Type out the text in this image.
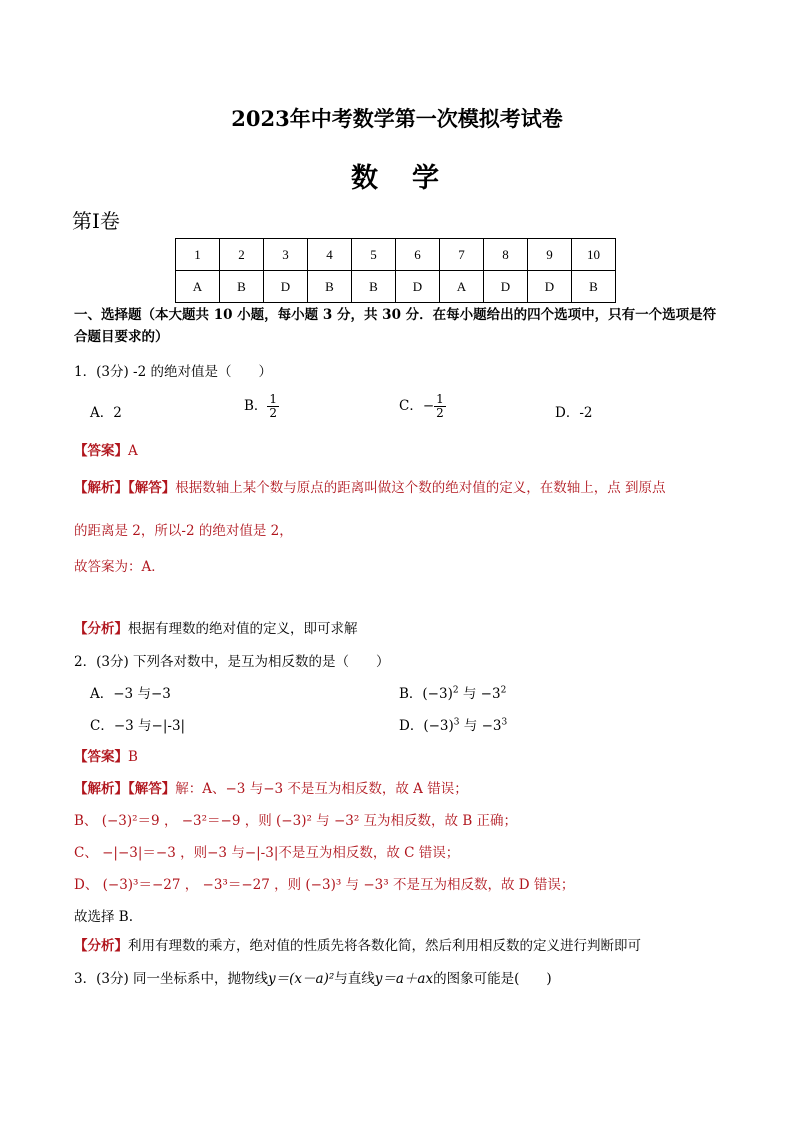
2023年中考数学第一次模拟考试卷
数 学
第Ⅰ卷
1	2	3	4	5	6	7	8	9	10
A	B	D	B	B	D	A	D	D	B
一、选择题（本大题共 10 小题，每小题 3 分，共 30 分．在每小题给出的四个选项中，只有一个选项是符
合题目要求的）
1．(3分) -2 的绝对值是（　　）
A．2	B． $\frac{1}{2}$	C．− $\frac{1}{2}$	D．-2
【答案】A
【解析】【解答】根据数轴上某个数与原点的距离叫做这个数的绝对值的定义，在数轴上，点 到原点
的距离是 2，所以-2 的绝对值是 2，
故答案为：A．
【分析】根据有理数的绝对值的定义，即可求解
2．(3分) 下列各对数中，是互为相反数的是（　　）
A．−3 与−3	B．$(-3)^2$ 与 $-3^2$
C．−3 与−|-3|	D．$(-3)^3$ 与 $-3^3$
【答案】B
【解析】【解答】解：A、−3 与−3 不是互为相反数，故 A 错误；
B、 (−3)²＝9 ， −3²＝−9 ，则 (−3)² 与 −3² 互为相反数，故 B 正确；
C、 −|−3|＝−3 ，则−3 与−|-3|不是互为相反数，故 C 错误；
D、 (−3)³＝−27 ， −3³＝−27 ，则 (−3)³ 与 −3³ 不是互为相反数，故 D 错误；
故选择 B.
【分析】利用有理数的乘方，绝对值的性质先将各数化简，然后利用相反数的定义进行判断即可
3．(3分) 同一坐标系中，抛物线y＝(x－a)²与直线y＝a＋ax的图象可能是(　　)
